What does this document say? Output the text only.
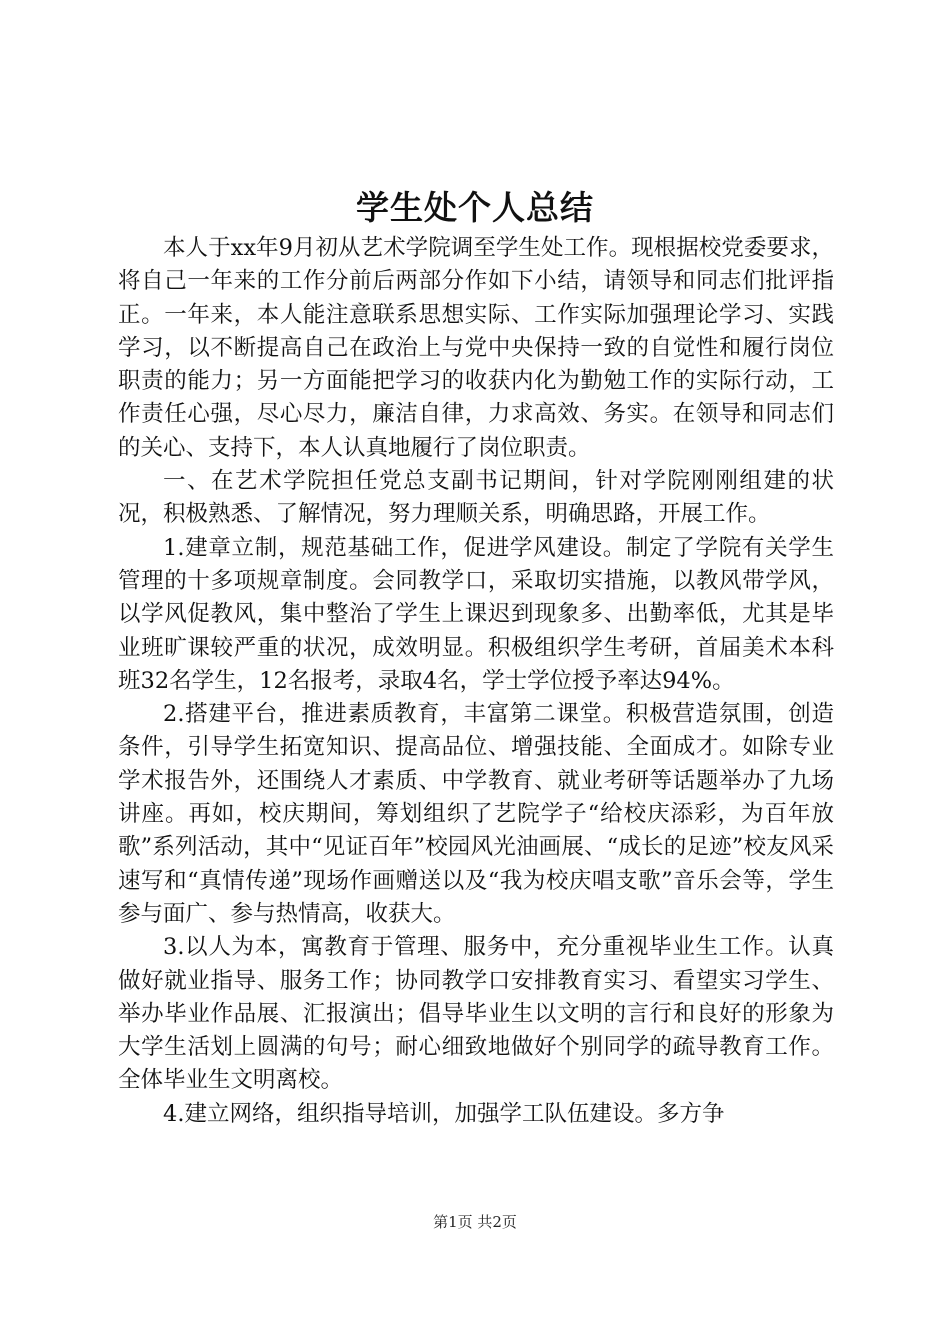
学生处个人总结

本人于xx年9月初从艺术学院调至学生处工作。现根据校党委要求，将自己一年来的工作分前后两部分作如下小结，请领导和同志们批评指正。一年来，本人能注意联系思想实际、工作实际加强理论学习、实践学习，以不断提高自己在政治上与党中央保持一致的自觉性和履行岗位职责的能力；另一方面能把学习的收获内化为勤勉工作的实际行动，工作责任心强，尽心尽力，廉洁自律，力求高效、务实。在领导和同志们的关心、支持下，本人认真地履行了岗位职责。

一、在艺术学院担任党总支副书记期间，针对学院刚刚组建的状况，积极熟悉、了解情况，努力理顺关系，明确思路，开展工作。

1.建章立制，规范基础工作，促进学风建设。制定了学院有关学生管理的十多项规章制度。会同教学口，采取切实措施，以教风带学风，以学风促教风，集中整治了学生上课迟到现象多、出勤率低，尤其是毕业班旷课较严重的状况，成效明显。积极组织学生考研，首届美术本科班32名学生，12名报考，录取4名，学士学位授予率达94%。

2.搭建平台，推进素质教育，丰富第二课堂。积极营造氛围，创造条件，引导学生拓宽知识、提高品位、增强技能、全面成才。如除专业学术报告外，还围绕人才素质、中学教育、就业考研等话题举办了九场讲座。再如，校庆期间，筹划组织了艺院学子“给校庆添彩，为百年放歌”系列活动，其中“见证百年”校园风光油画展、“成长的足迹”校友风采速写和“真情传递”现场作画赠送以及“我为校庆唱支歌”音乐会等，学生参与面广、参与热情高，收获大。

3.以人为本，寓教育于管理、服务中，充分重视毕业生工作。认真做好就业指导、服务工作；协同教学口安排教育实习、看望实习学生、举办毕业作品展、汇报演出；倡导毕业生以文明的言行和良好的形象为大学生活划上圆满的句号；耐心细致地做好个别同学的疏导教育工作。全体毕业生文明离校。

4.建立网络，组织指导培训，加强学工队伍建设。多方争

第1页 共2页
